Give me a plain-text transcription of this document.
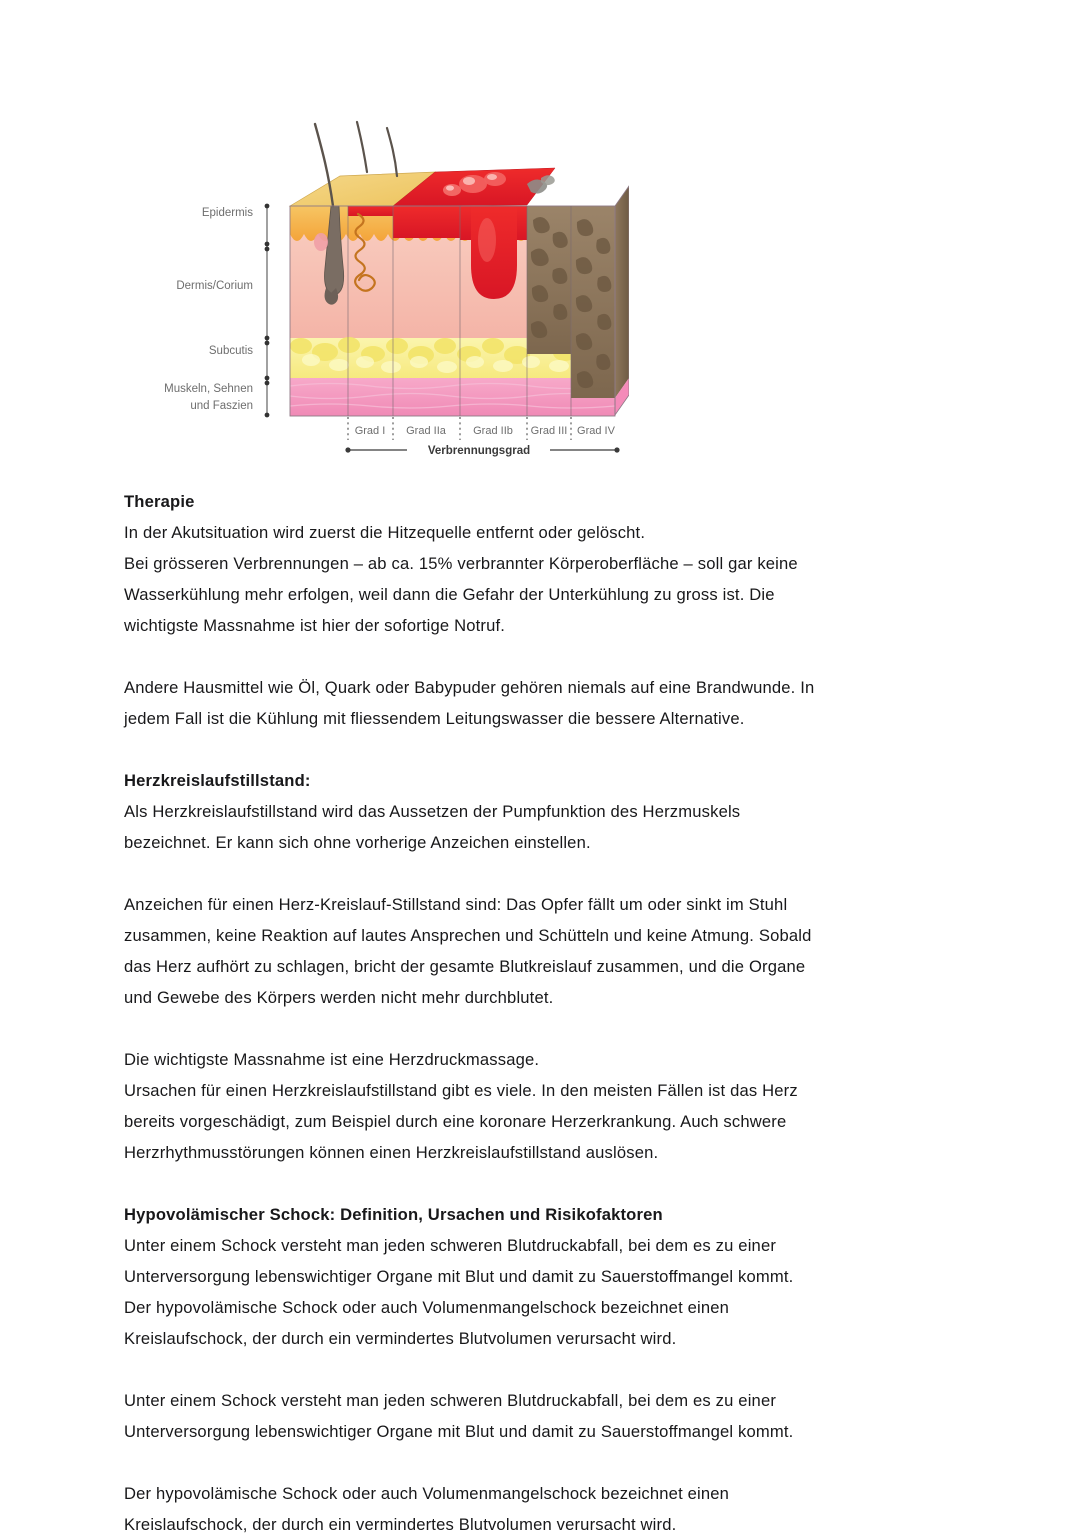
Epidermis
Dermis/Corium
Subcutis
Muskeln, Sehnen
und Faszien
Grad I Grad IIa Grad IIb Grad III Grad IV
Verbrennungsgrad

Therapie

In der Akutsituation wird zuerst die Hitzequelle entfernt oder gelöscht.
Bei grösseren Verbrennungen – ab ca. 15% verbrannter Körperoberfläche – soll gar keine
Wasserkühlung mehr erfolgen, weil dann die Gefahr der Unterkühlung zu gross ist. Die
wichtigste Massnahme ist hier der sofortige Notruf.

Andere Hausmittel wie Öl, Quark oder Babypuder gehören niemals auf eine Brandwunde. In
jedem Fall ist die Kühlung mit fliessendem Leitungswasser die bessere Alternative.

Herzkreislaufstillstand:

Als Herzkreislaufstillstand wird das Aussetzen der Pumpfunktion des Herzmuskels
bezeichnet. Er kann sich ohne vorherige Anzeichen einstellen.

Anzeichen für einen Herz-Kreislauf-Stillstand sind: Das Opfer fällt um oder sinkt im Stuhl
zusammen, keine Reaktion auf lautes Ansprechen und Schütteln und keine Atmung. Sobald
das Herz aufhört zu schlagen, bricht der gesamte Blutkreislauf zusammen, und die Organe
und Gewebe des Körpers werden nicht mehr durchblutet.

Die wichtigste Massnahme ist eine Herzdruckmassage.
Ursachen für einen Herzkreislaufstillstand gibt es viele. In den meisten Fällen ist das Herz
bereits vorgeschädigt, zum Beispiel durch eine koronare Herzerkrankung. Auch schwere
Herzrhythmusstörungen können einen Herzkreislaufstillstand auslösen.

Hypovolämischer Schock: Definition, Ursachen und Risikofaktoren

Unter einem Schock versteht man jeden schweren Blutdruckabfall, bei dem es zu einer
Unterversorgung lebenswichtiger Organe mit Blut und damit zu Sauerstoffmangel kommt.
Der hypovolämische Schock oder auch Volumenmangelschock bezeichnet einen
Kreislaufschock, der durch ein vermindertes Blutvolumen verursacht wird.

Unter einem Schock versteht man jeden schweren Blutdruckabfall, bei dem es zu einer
Unterversorgung lebenswichtiger Organe mit Blut und damit zu Sauerstoffmangel kommt.

Der hypovolämische Schock oder auch Volumenmangelschock bezeichnet einen
Kreislaufschock, der durch ein vermindertes Blutvolumen verursacht wird.
